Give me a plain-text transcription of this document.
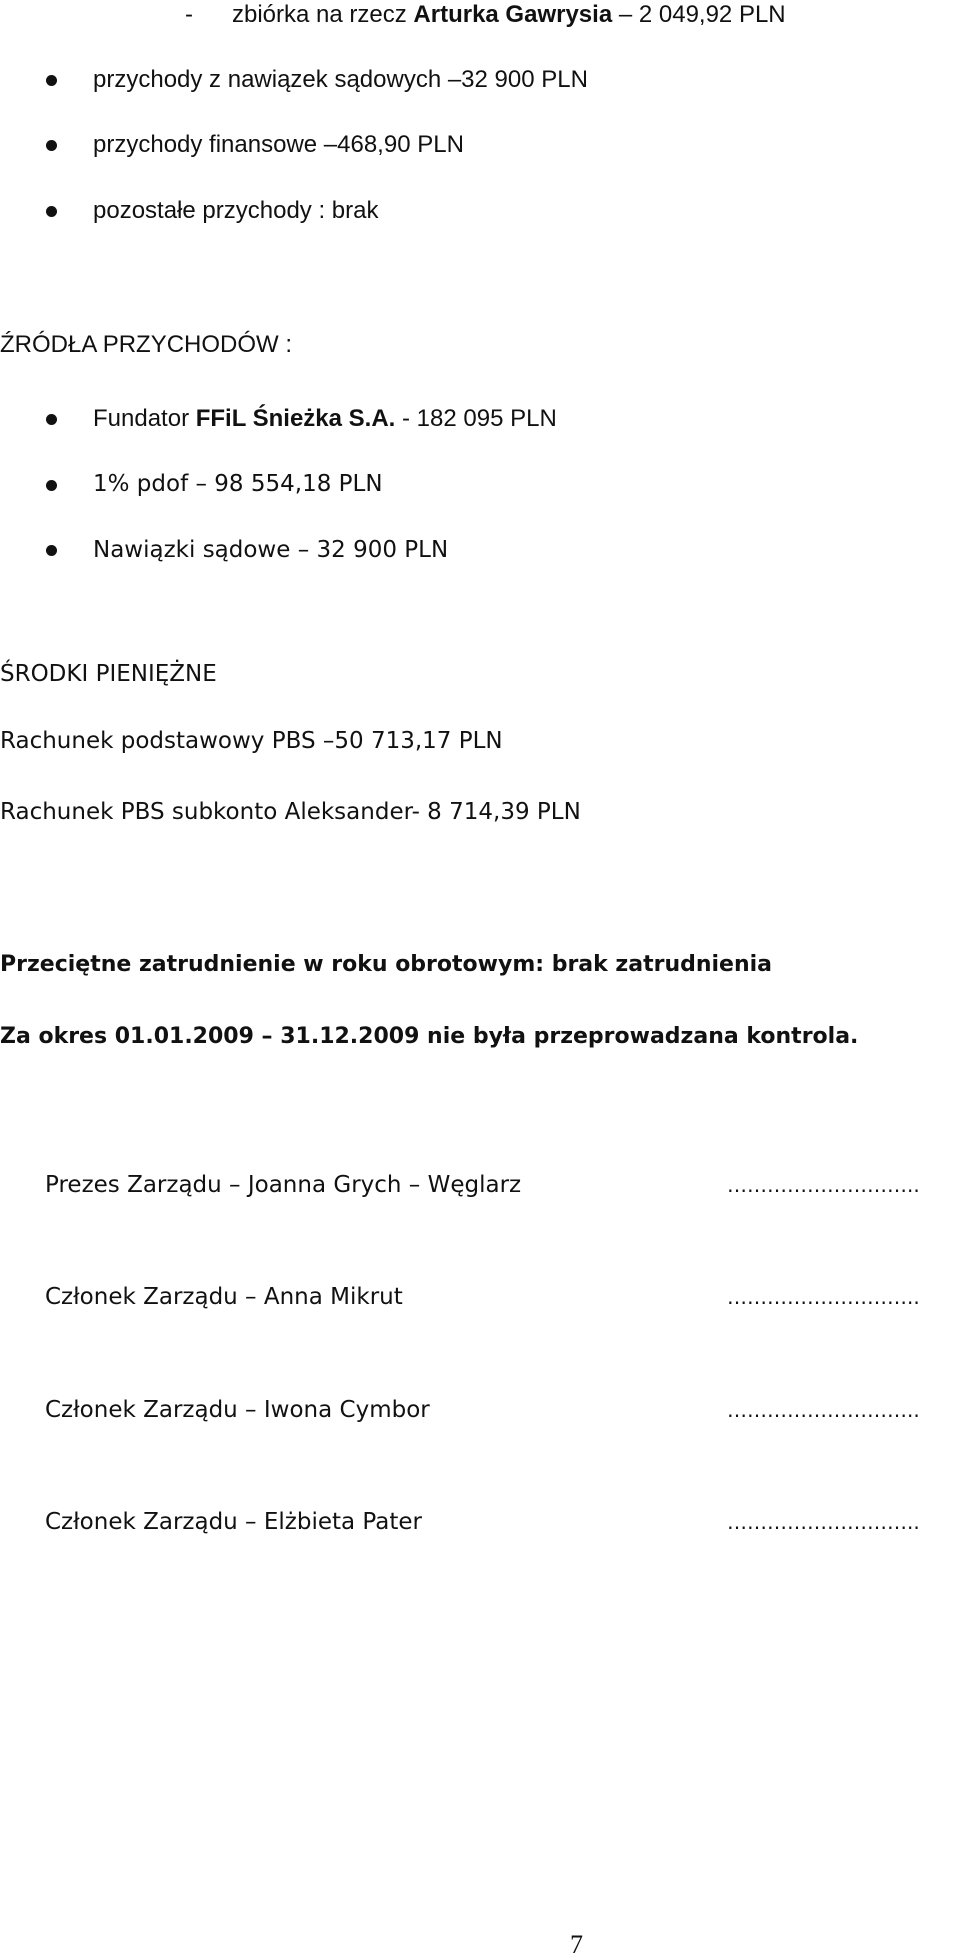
- zbiórka na rzecz Arturka Gawrysia – 2 049,92 PLN
przychody z nawiązek sądowych –32 900 PLN
przychody finansowe –468,90 PLN
pozostałe przychody : brak
ŹRÓDŁA PRZYCHODÓW :
Fundator FFiL Śnieżka S.A. - 182 095 PLN
1% pdof – 98 554,18 PLN
Nawiązki sądowe – 32 900 PLN
ŚRODKI PIENIĘŻNE
Rachunek podstawowy PBS –50 713,17 PLN
Rachunek PBS subkonto Aleksander- 8 714,39 PLN
Przeciętne zatrudnienie w roku obrotowym: brak zatrudnienia
Za okres 01.01.2009 – 31.12.2009 nie była przeprowadzana kontrola.
Prezes Zarządu – Joanna Grych – Węglarz	………………………..
Członek Zarządu – Anna Mikrut	………………………..
Członek Zarządu – Iwona Cymbor	………………………..
Członek Zarządu – Elżbieta Pater	………………………..
7
